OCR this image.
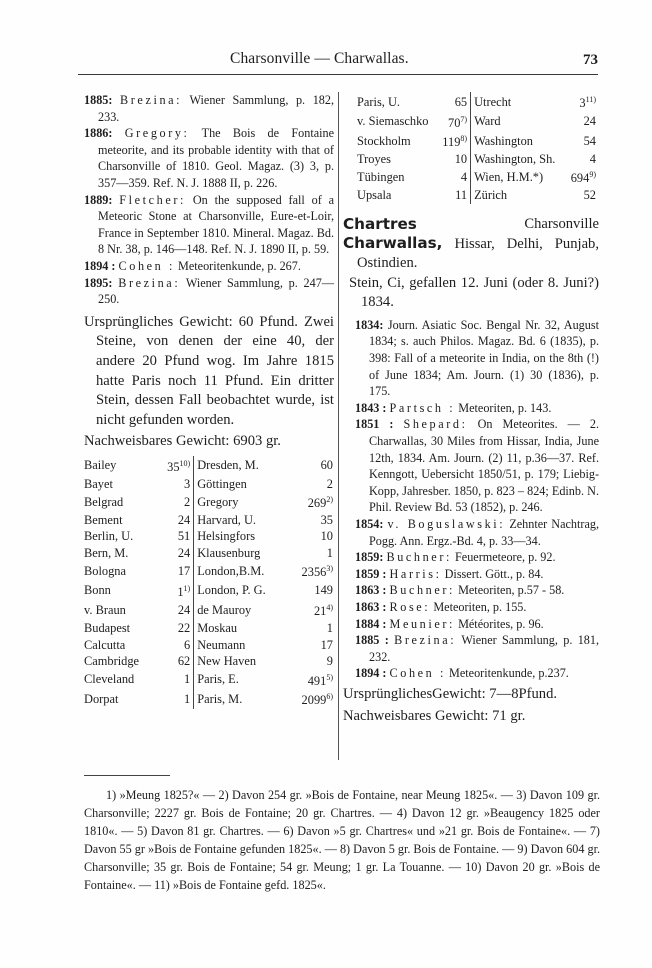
Charsonville — Charwallas.	73
1885: Brezina: Wiener Sammlung, p. 182, 233.
1886: Gregory: The Bois de Fontaine meteorite, and its probable identity with that of Charsonville of 1810. Geol. Magaz. (3) 3, p. 357—359. Ref. N. J. 1888 II, p. 226.
1889: Fletcher: On the supposed fall of a Meteoric Stone at Charsonville, Eure-et-Loir, France in September 1810. Mineral. Magaz. Bd. 8 Nr. 38, p. 146—148. Ref. N. J. 1890 II, p. 59.
1894 : Cohen : Meteoritenkunde, p. 267.
1895: Brezina: Wiener Sammlung, p. 247—250.
Ursprüngliches Gewicht: 60 Pfund. Zwei Steine, von denen der eine 40, der andere 20 Pfund wog. Im Jahre 1815 hatte Paris noch 11 Pfund. Ein dritter Stein, dessen Fall beobachtet wurde, ist nicht gefunden worden.
Nachweisbares Gewicht: 6903 gr.
Bailey	35$^{10)}$	Dresden, M.	60
Bayet	3	Göttingen	2
Belgrad	2	Gregory	269$^{2)}$
Bement	24	Harvard, U.	35
Berlin, U.	51	Helsingfors	10
Bern, M.	24	Klausenburg	1
Bologna	17	London,B.M.	2356$^{3)}$
Bonn	1$^{1)}$	London, P. G.	149
v. Braun	24	de Mauroy	21$^{4)}$
Budapest	22	Moskau	1
Calcutta	6	Neumann	17
Cambridge	62	New Haven	9
Cleveland	1	Paris, E.	491$^{5)}$
Dorpat	1	Paris, M.	2099$^{6)}$
Paris, U.	65	Utrecht	3$^{11)}$
v. Siemaschko	70$^{7)}$	Ward	24
Stockholm	119$^{8)}$	Washington	54
Troyes	10	Washington, Sh.	4
Tübingen	4	Wien, H.M.*)	694$^{9)}$
Upsala	11	Zürich	52
Chartres	Charsonville
Charwallas, Hissar, Delhi, Punjab, Ostindien.
Stein, Ci, gefallen 12. Juni (oder 8. Juni?) 1834.
1834: Journ. Asiatic Soc. Bengal Nr. 32, August 1834; s. auch Philos. Magaz. Bd. 6 (1835), p. 398: Fall of a meteorite in India, on the 8th (!) of June 1834; Am. Journ. (1) 30 (1836), p. 175.
1843 : Partsch : Meteoriten, p. 143.
1851 : Shepard: On Meteorites. — 2. Charwallas, 30 Miles from Hissar, India, June 12th, 1834. Am. Journ. (2) 11, p.36—37. Ref. Kenngott, Uebersicht 1850/51, p. 179; Liebig-Kopp, Jahresber. 1850, p. 823 – 824; Edinb. N. Phil. Review Bd. 53 (1852), p. 246.
1854: v. Boguslawski: Zehnter Nachtrag, Pogg. Ann. Ergz.-Bd. 4, p. 33—34.
1859: Buchner: Feuermeteore, p. 92.
1859 : Harris: Dissert. Gött., p. 84.
1863 : Buchner: Meteoriten, p.57 - 58.
1863 : Rose: Meteoriten, p. 155.
1884 : Meunier: Météorites, p. 96.
1885 : Brezina: Wiener Sammlung, p. 181, 232.
1894 : Cohen : Meteoritenkunde, p.237.
UrsprünglichesGewicht: 7—8Pfund.
Nachweisbares Gewicht: 71 gr.
1) »Meung 1825?« — 2) Davon 254 gr. »Bois de Fontaine, near Meung 1825«. — 3) Davon 109 gr. Charsonville; 2227 gr. Bois de Fontaine; 20 gr. Chartres. — 4) Davon 12 gr. »Beaugency 1825 oder 1810«. — 5) Davon 81 gr. Chartres. — 6) Davon »5 gr. Chartres« und »21 gr. Bois de Fontaine«. — 7) Davon 55 gr »Bois de Fontaine gefunden 1825«. — 8) Davon 5 gr. Bois de Fontaine. — 9) Davon 604 gr. Charsonville; 35 gr. Bois de Fontaine; 54 gr. Meung; 1 gr. La Touanne. — 10) Davon 20 gr. »Bois de Fontaine«. — 11) »Bois de Fontaine gefd. 1825«.
